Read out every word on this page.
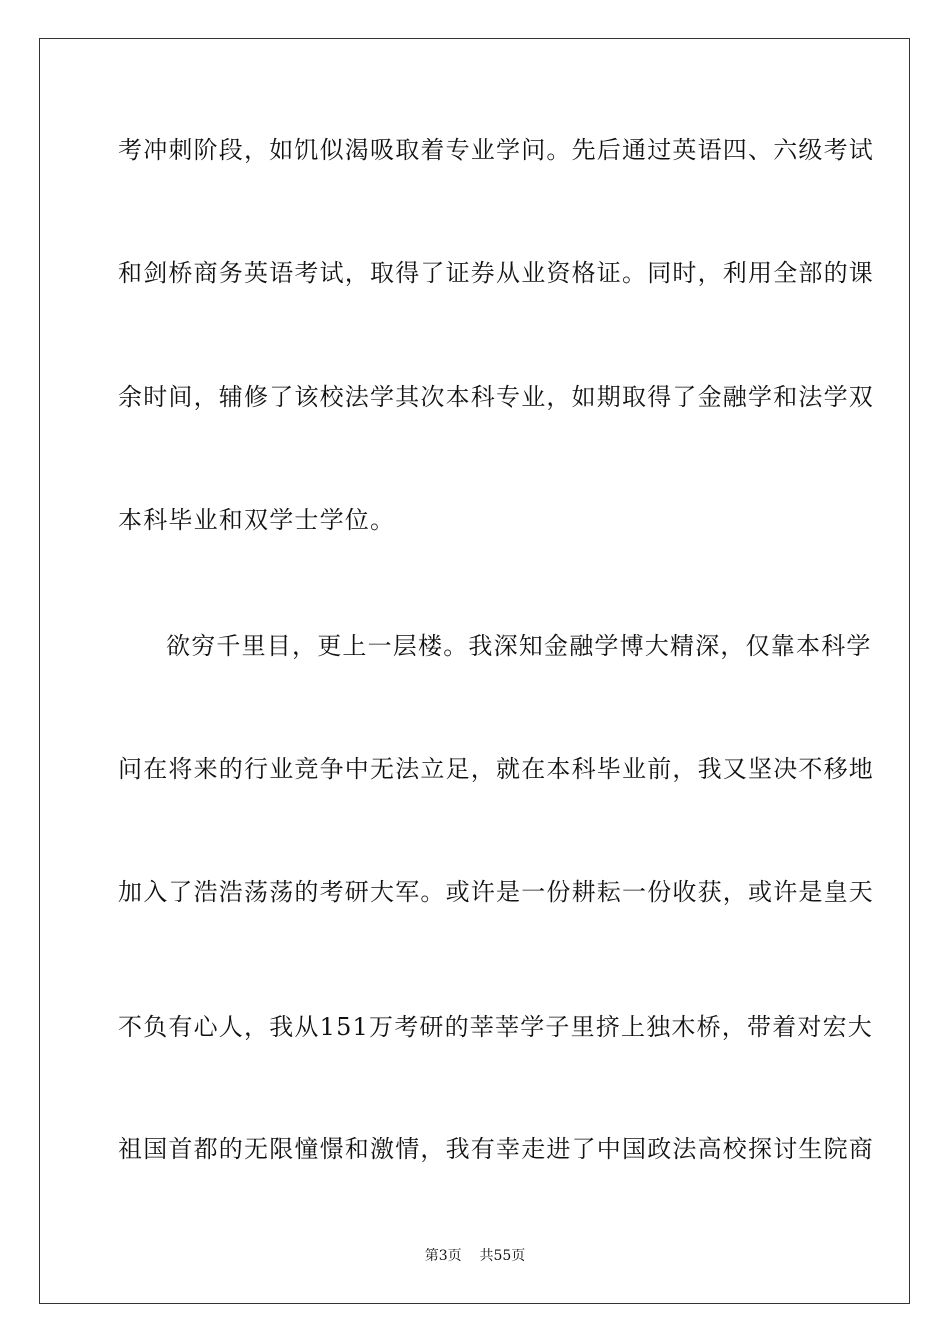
考冲刺阶段，如饥似渴吸取着专业学问。先后通过英语四、六级考试
和剑桥商务英语考试，取得了证券从业资格证。同时，利用全部的课
余时间，辅修了该校法学其次本科专业，如期取得了金融学和法学双
本科毕业和双学士学位。
欲穷千里目，更上一层楼。我深知金融学博大精深，仅靠本科学
问在将来的行业竞争中无法立足，就在本科毕业前，我又坚决不移地
加入了浩浩荡荡的考研大军。或许是一份耕耘一份收获，或许是皇天
不负有心人，我从151万考研的莘莘学子里挤上独木桥，带着对宏大
祖国首都的无限憧憬和激情，我有幸走进了中国政法高校探讨生院商
第3页 共55页
